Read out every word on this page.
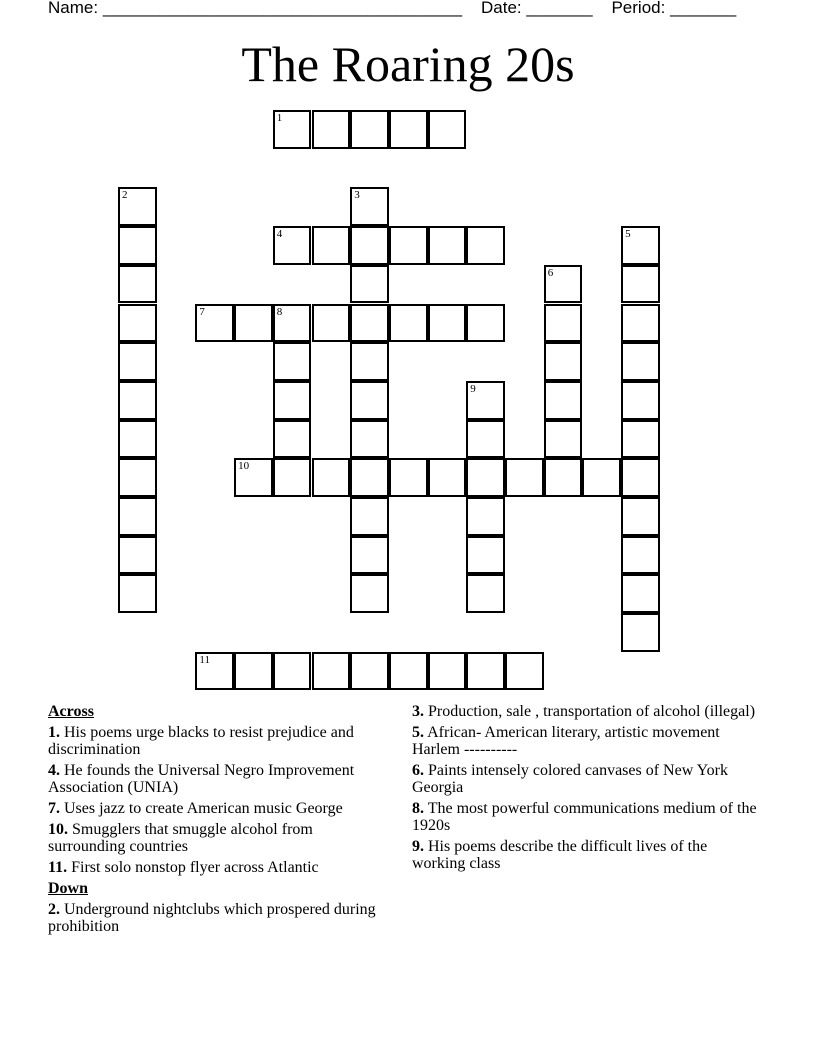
Name: ______________________________________ Date: _______ Period: _______
The Roaring 20s
1
2	3
4	5
6
7	8
9
10
11
Across
1. His poems urge blacks to resist prejudice and discrimination
4. He founds the Universal Negro Improvement Association (UNIA)
7. Uses jazz to create American music George
10. Smugglers that smuggle alcohol from surrounding countries
11. First solo nonstop flyer across Atlantic
Down
2. Underground nightclubs which prospered during prohibition
3. Production, sale , transportation of alcohol (illegal)
5. African- American literary, artistic movement Harlem ----------
6. Paints intensely colored canvases of New York Georgia
8. The most powerful communications medium of the 1920s
9. His poems describe the difficult lives of the working class
